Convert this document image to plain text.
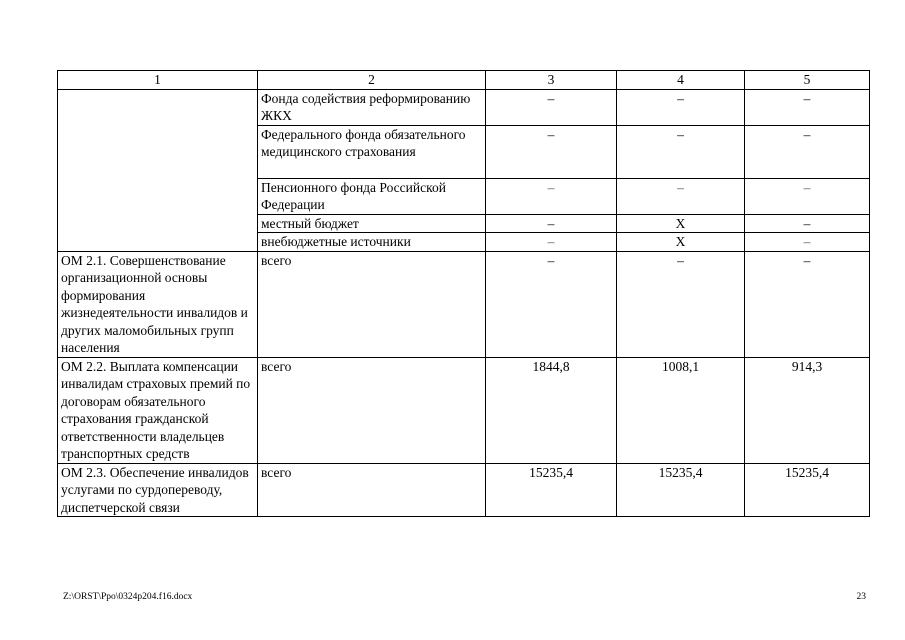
1	2	3	4	5
	Фонда содействия реформированию ЖКХ	–	–	–
	Федерального фонда обязательного медицинского страхования	–	–	–
	Пенсионного фонда Российской Федерации	–	–	–
	местный бюджет	–	Х	–
	внебюджетные источники	–	Х	–
ОМ 2.1. Совершенствование организационной основы формирования жизнедеятельности инвалидов и других маломобильных групп населения	всего	–	–	–
ОМ 2.2. Выплата компенсации инвалидам страховых премий по договорам обязательного страхования гражданской ответственности владельцев транспортных средств	всего	1844,8	1008,1	914,3
ОМ 2.3. Обеспечение инвалидов услугами по сурдопереводу, диспетчерской связи	всего	15235,4	15235,4	15235,4
Z:\ORST\Ppo\0324p204.f16.docx	23
